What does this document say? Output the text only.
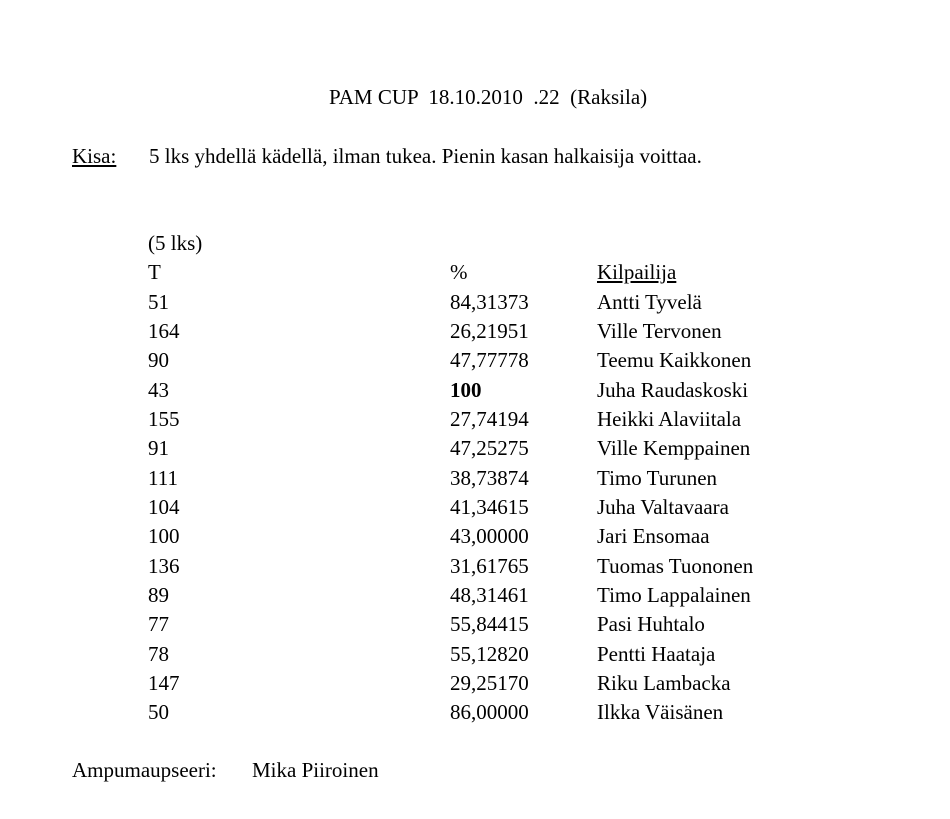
PAM CUP  18.10.2010  .22  (Raksila)
Kisa: 5 lks yhdellä kädellä, ilman tukea. Pienin kasan halkaisija voittaa.
(5 lks)
T	%	Kilpailija
51	84,31373	Antti Tyvelä
164	26,21951	Ville Tervonen
90	47,77778	Teemu Kaikkonen
43	100	Juha Raudaskoski
155	27,74194	Heikki Alaviitala
91	47,25275	Ville Kemppainen
111	38,73874	Timo Turunen
104	41,34615	Juha Valtavaara
100	43,00000	Jari Ensomaa
136	31,61765	Tuomas Tuononen
89	48,31461	Timo Lappalainen
77	55,84415	Pasi Huhtalo
78	55,12820	Pentti Haataja
147	29,25170	Riku Lambacka
50	86,00000	Ilkka Väisänen
Ampumaupseeri: Mika Piiroinen
